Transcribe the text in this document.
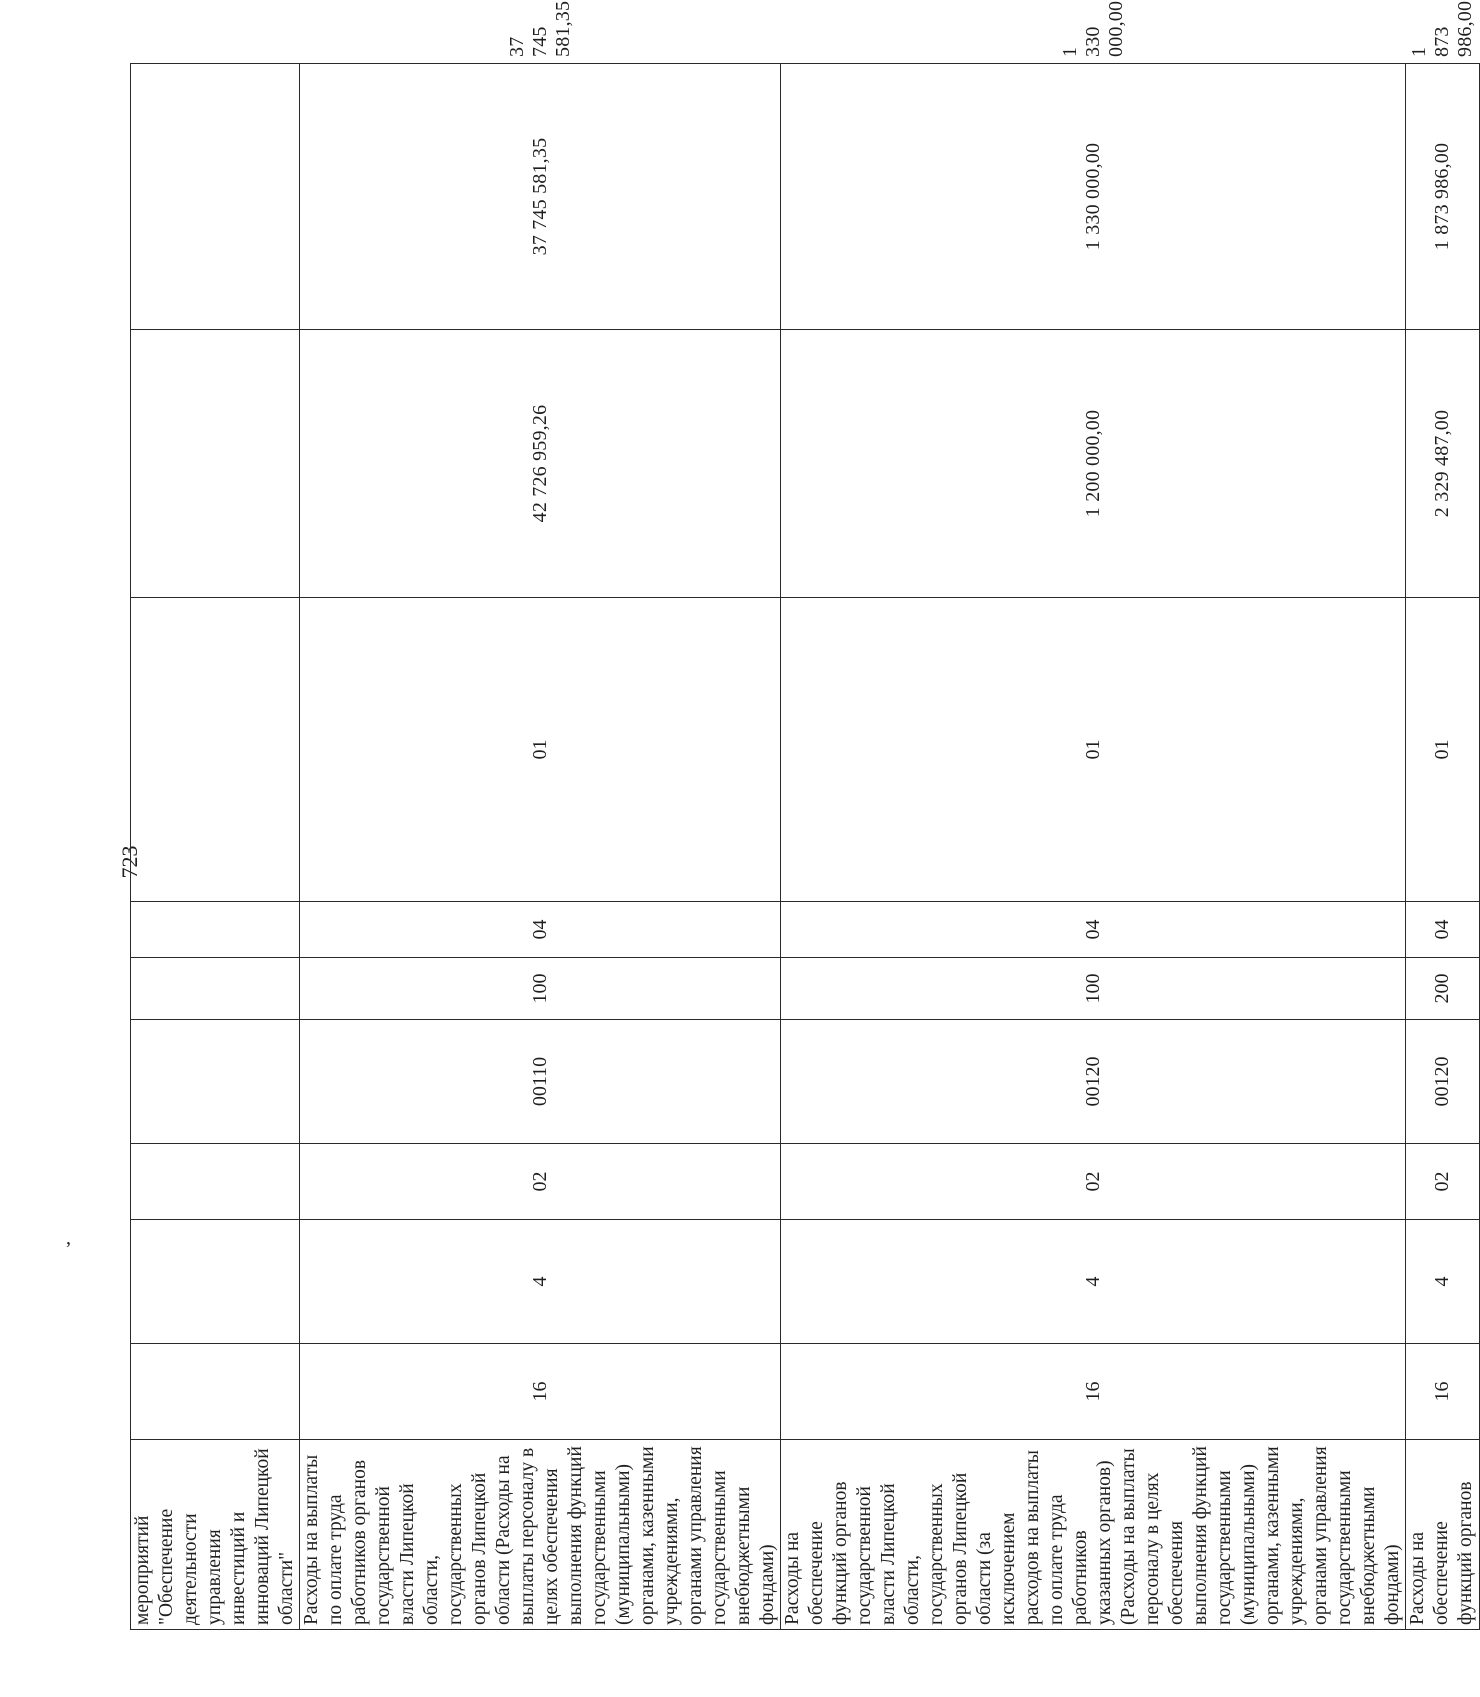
,
723
мероприятий "Обеспечение деятельности управления инвестиций и инноваций Липецкой области"										
Расходы на выплаты по оплате труда работников органов государственной власти Липецкой области, государственных органов Липецкой области (Расходы на выплаты персоналу в целях обеспечения выполнения функций государственными (муниципальными) органами, казенными учреждениями, органами управления государственными внебюджетными фондами)	16	4	02	00110	100	04	01	42 726 959,26	37 745 581,35	37 745 581,35
Расходы на обеспечение функций органов государственной власти Липецкой области, государственных органов Липецкой области (за исключением расходов на выплаты по оплате труда работников указанных органов) (Расходы на выплаты персоналу в целях обеспечения выполнения функций государственными (муниципальными) органами, казенными учреждениями, органами управления государственными внебюджетными фондами)	16	4	02	00120	100	04	01	1 200 000,00	1 330 000,00	1 330 000,00
Расходы на обеспечение функций органов	16	4	02	00120	200	04	01	2 329 487,00	1 873 986,00	1 873 986,00
